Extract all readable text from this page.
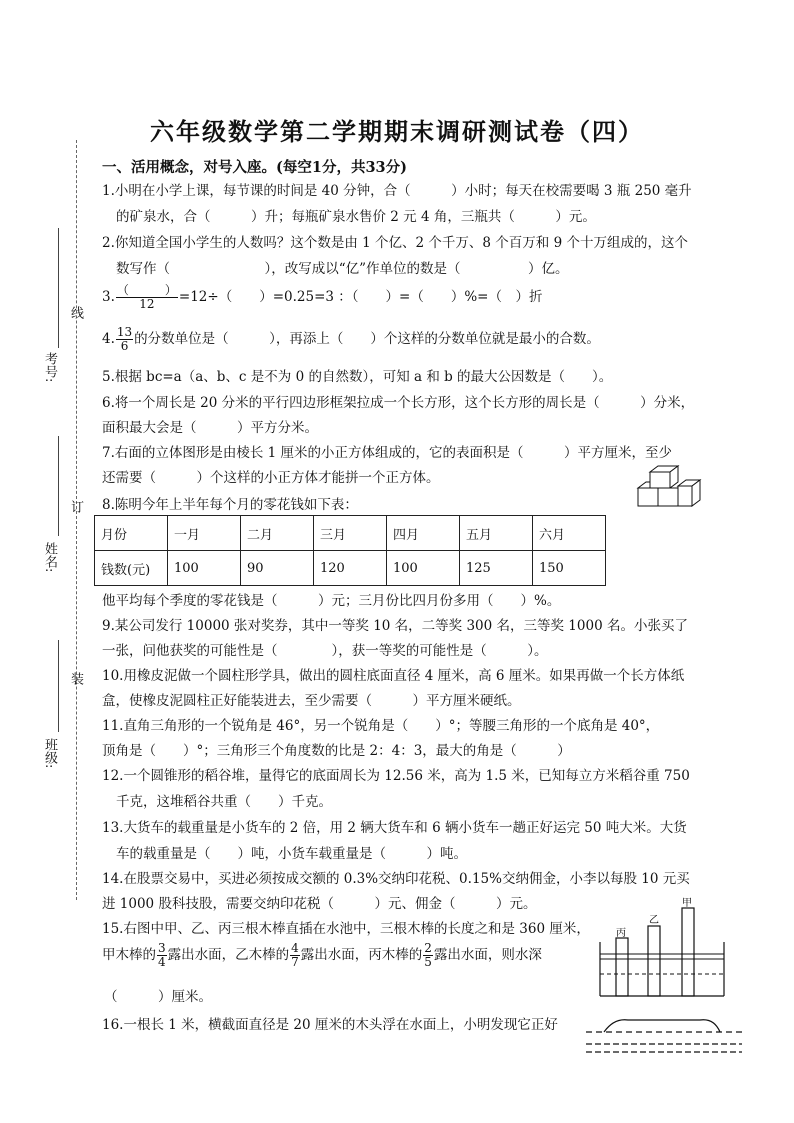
六年级数学第二学期期末调研测试卷（四）
线
订
装
考号:
姓名:
班级:
一、活用概念，对号入座。(每空1分，共33分)
1.小明在小学上课，每节课的时间是 40 分钟，合（　　　）小时；每天在校需要喝 3 瓶 250 毫升
的矿泉水，合（　　　）升；每瓶矿泉水售价 2 元 4 角，三瓶共（　　　）元。
2.你知道全国小学生的人数吗？这个数是由 1 个亿、2 个千万、8 个百万和 9 个十万组成的，这个
数写作（　　　　　　　），改写成以“亿”作单位的数是（　　　　　）亿。
3. $\frac{( )}{12} =12\div$（　　）=0.25=3 ：（　　）=（　　）%=（　）折
4. $\frac{13}{6}$ 的分数单位是（　　　），再添上（　　）个这样的分数单位就是最小的合数。
5.根据 bc=a（a、b、c 是不为 0 的自然数），可知 a 和 b 的最大公因数是（　　）。
6.将一个周长是 20 分米的平行四边形框架拉成一个长方形，这个长方形的周长是（　　　）分米，
面积最大会是（　　　）平方分米。
7.右面的立体图形是由棱长 1 厘米的小正方体组成的，它的表面积是（　　　）平方厘米，至少
还需要（　　　）个这样的小正方体才能拼一个正方体。
8.陈明今年上半年每个月的零花钱如下表：
月份	一月	二月	三月	四月	五月	六月
钱数(元)	100	90	120	100	125	150
他平均每个季度的零花钱是（　　　）元；三月份比四月份多用（　　）%。
9.某公司发行 10000 张对奖券，其中一等奖 10 名，二等奖 300 名，三等奖 1000 名。小张买了
一张，问他获奖的可能性是（　　　　），获一等奖的可能性是（　　　）。
10.用橡皮泥做一个圆柱形学具，做出的圆柱底面直径 4 厘米，高 6 厘米。如果再做一个长方体纸
盒，使橡皮泥圆柱正好能装进去，至少需要（　　　）平方厘米硬纸。
11.直角三角形的一个锐角是 46°，另一个锐角是（　　）°；等腰三角形的一个底角是 40°，
顶角是（　　）°；三角形三个角度数的比是 2：4：3，最大的角是（　　　）
12.一个圆锥形的稻谷堆，量得它的底面周长为 12.56 米，高为 1.5 米，已知每立方米稻谷重 750
千克，这堆稻谷共重（　　）千克。
13.大货车的载重量是小货车的 2 倍，用 2 辆大货车和 6 辆小货车一趟正好运完 50 吨大米。大货
车的载重量是（　　）吨，小货车载重量是（　　　）吨。
14.在股票交易中，买进必须按成交额的 0.3%交纳印花税、0.15%交纳佣金，小李以每股 10 元买
进 1000 股科技股，需要交纳印花税（　　　）元、佣金（　　　）元。
15.右图中甲、乙、丙三根木棒直插在水池中，三根木棒的长度之和是 360 厘米，
甲木棒的 $\frac{3}{4}$ 露出水面，乙木棒的 $\frac{4}{7}$ 露出水面，丙木棒的 $\frac{2}{5}$ 露出水面，则水深
（　　　）厘米。
丙
乙
甲
16.一根长 1 米，横截面直径是 20 厘米的木头浮在水面上，小明发现它正好
